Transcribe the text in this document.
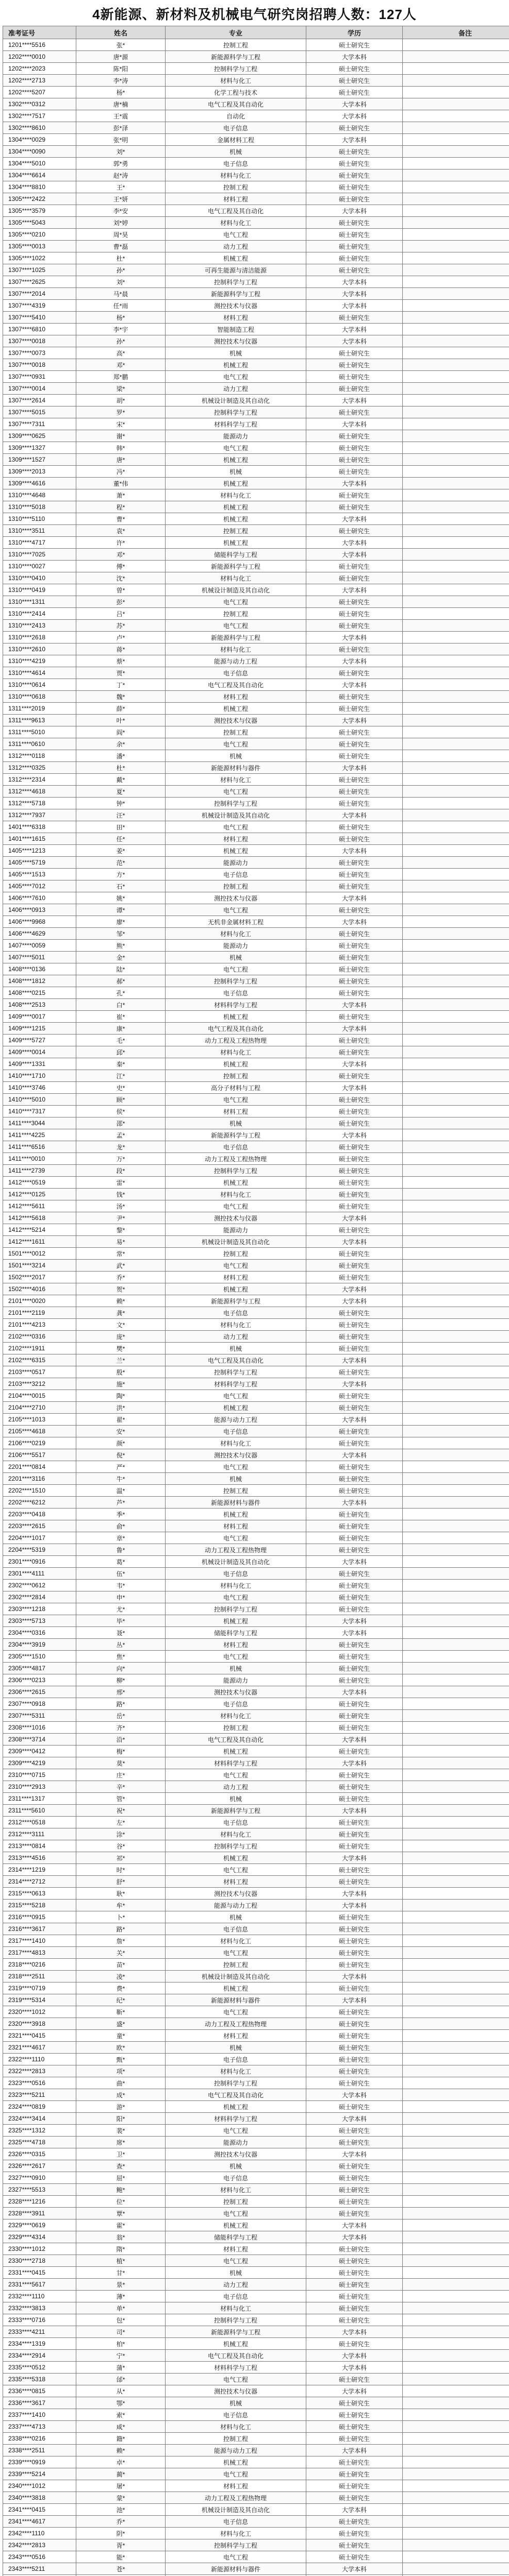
4新能源、新材料及机械电气研究岗招聘人数：127人
准考证号	姓名	专业	学历	备注
1201****5516	张*	控制工程	硕士研究生	
1202****0010	唐*源	新能源科学与工程	大学本科	
1202****2023	陈*阳	控制科学与工程	硕士研究生	
1202****2713	李*涛	材料与化工	硕士研究生	
1202****5207	杨*	化学工程与技术	硕士研究生	
1302****0312	唐*楠	电气工程及其自动化	大学本科	
1302****7517	王*震	自动化	大学本科	
1302****8610	彭*泽	电子信息	硕士研究生	
1304****0029	张*明	金属材料工程	大学本科	
1304****0090	刘*	机械	硕士研究生	
1304****5010	郭*勇	电子信息	硕士研究生	
1304****6614	赵*涛	材料与化工	硕士研究生	
1304****8810	王*	控制工程	硕士研究生	
1305****2422	王*妍	材料工程	硕士研究生	
1305****3579	李*安	电气工程及其自动化	大学本科	
1305****5043	刘*婷	材料与化工	硕士研究生	
1305****0210	周*昊	电气工程	硕士研究生	
1305****0013	曹*磊	动力工程	硕士研究生	
1305****1022	杜*	机械工程	硕士研究生	
1307****1025	孙*	可再生能源与清洁能源	硕士研究生	
1307****2625	刘*	控制科学与工程	大学本科	
1307****2014	马*晨	新能源科学与工程	大学本科	
1307****4319	任*雨	测控技术与仪器	大学本科	
1307****5410	杨*	材料工程	硕士研究生	
1307****6810	李*宇	智能制造工程	大学本科	
1307****0018	孙*	测控技术与仪器	大学本科	
1307****0073	高*	机械	硕士研究生	
1307****0018	邓*	机械工程	硕士研究生	
1307****0931	郑*鹏	电气工程	硕士研究生	
1307****0014	梁*	动力工程	硕士研究生	
1307****2614	胡*	机械设计制造及其自动化	大学本科	
1307****5015	罗*	控制科学与工程	硕士研究生	
1307****7311	宋*	材料科学与工程	大学本科	
1309****0625	谢*	能源动力	硕士研究生	
1309****1327	韩*	电气工程	硕士研究生	
1309****1527	唐*	机械工程	硕士研究生	
1309****2013	冯*	机械	硕士研究生	
1309****4616	董*伟	机械工程	大学本科	
1310****4648	萧*	材料与化工	硕士研究生	
1310****5018	程*	机械工程	硕士研究生	
1310****5110	曹*	机械工程	大学本科	
1310****3511	袁*	控制工程	硕士研究生	
1310****4717	许*	机械工程	大学本科	
1310****7025	邓*	储能科学与工程	大学本科	
1310****0027	傅*	新能源科学与工程	硕士研究生	
1310****0410	沈*	材料与化工	硕士研究生	
1310****0419	曾*	机械设计制造及其自动化	大学本科	
1310****1311	彭*	电气工程	硕士研究生	
1310****2414	吕*	控制工程	硕士研究生	
1310****2413	苏*	电气工程	硕士研究生	
1310****2618	卢*	新能源科学与工程	大学本科	
1310****2610	蒋*	材料与化工	硕士研究生	
1310****4219	蔡*	能源与动力工程	大学本科	
1310****4614	贾*	电子信息	硕士研究生	
1310****0614	丁*	电气工程及其自动化	大学本科	
1310****0618	魏*	材料工程	硕士研究生	
1311****2019	薛*	机械工程	硕士研究生	
1311****9613	叶*	测控技术与仪器	大学本科	
1311****5010	阎*	控制工程	硕士研究生	
1311****0610	余*	电气工程	硕士研究生	
1312****0118	潘*	机械	硕士研究生	
1312****0325	杜*	新能源材料与器件	大学本科	
1312****2314	戴*	材料与化工	硕士研究生	
1312****4618	夏*	电气工程	硕士研究生	
1312****5718	钟*	控制科学与工程	硕士研究生	
1312****7937	汪*	机械设计制造及其自动化	大学本科	
1401****6318	田*	电气工程	硕士研究生	
1401****1615	任*	材料工程	硕士研究生	
1405****1213	姜*	机械工程	大学本科	
1405****5719	范*	能源动力	硕士研究生	
1405****1513	方*	电子信息	硕士研究生	
1405****7012	石*	控制工程	硕士研究生	
1406****7610	姚*	测控技术与仪器	大学本科	
1406****0913	谭*	电气工程	硕士研究生	
1406****9968	廖*	无机非金属材料工程	大学本科	
1406****4629	邹*	材料与化工	硕士研究生	
1407****0059	熊*	能源动力	硕士研究生	
1407****5011	金*	机械	硕士研究生	
1408****0136	陆*	电气工程	硕士研究生	
1408****1812	郝*	控制科学与工程	硕士研究生	
1408****0215	孔*	电子信息	硕士研究生	
1408****2513	白*	材料科学与工程	大学本科	
1409****0017	崔*	机械工程	硕士研究生	
1409****1215	康*	电气工程及其自动化	大学本科	
1409****5727	毛*	动力工程及工程热物理	硕士研究生	
1409****0014	邱*	材料与化工	硕士研究生	
1409****1331	秦*	机械工程	大学本科	
1410****1710	江*	控制工程	硕士研究生	
1410****3746	史*	高分子材料与工程	大学本科	
1410****5010	顾*	电气工程	硕士研究生	
1410****7317	侯*	材料工程	硕士研究生	
1411****3044	邵*	机械	硕士研究生	
1411****4225	孟*	新能源科学与工程	大学本科	
1411****6516	龙*	电子信息	硕士研究生	
1411****0010	万*	动力工程及工程热物理	硕士研究生	
1411****2739	段*	控制科学与工程	硕士研究生	
1412****0519	雷*	机械工程	硕士研究生	
1412****0125	钱*	材料与化工	硕士研究生	
1412****5611	汤*	电气工程	硕士研究生	
1412****5618	尹*	测控技术与仪器	大学本科	
1412****5214	黎*	能源动力	硕士研究生	
1412****1611	易*	机械设计制造及其自动化	大学本科	
1501****0012	常*	控制工程	硕士研究生	
1501****3214	武*	电气工程	硕士研究生	
1502****2017	乔*	材料工程	硕士研究生	
1502****4016	贺*	机械工程	大学本科	
2101****0020	赖*	新能源科学与工程	大学本科	
2101****2119	龚*	电子信息	硕士研究生	
2101****4213	文*	材料与化工	硕士研究生	
2102****0316	庞*	动力工程	硕士研究生	
2102****1911	樊*	机械	硕士研究生	
2102****6315	兰*	电气工程及其自动化	大学本科	
2103****0517	殷*	控制科学与工程	硕士研究生	
2103****3212	施*	材料科学与工程	大学本科	
2104****0015	陶*	电气工程	硕士研究生	
2104****2710	洪*	机械工程	硕士研究生	
2105****1013	翟*	能源与动力工程	大学本科	
2105****4618	安*	电子信息	硕士研究生	
2106****0219	颜*	材料与化工	硕士研究生	
2106****5517	倪*	测控技术与仪器	大学本科	
2201****0814	严*	电气工程	硕士研究生	
2201****3116	牛*	机械	硕士研究生	
2202****1510	温*	控制工程	硕士研究生	
2202****6212	芦*	新能源材料与器件	大学本科	
2203****0418	季*	机械工程	硕士研究生	
2203****2615	俞*	材料工程	硕士研究生	
2204****1017	章*	电气工程	硕士研究生	
2204****5319	鲁*	动力工程及工程热物理	硕士研究生	
2301****0916	葛*	机械设计制造及其自动化	大学本科	
2301****4111	伍*	电子信息	硕士研究生	
2302****0612	韦*	材料与化工	硕士研究生	
2302****2814	申*	电气工程	硕士研究生	
2303****1218	尤*	控制科学与工程	硕士研究生	
2303****5713	毕*	机械工程	大学本科	
2304****0316	聂*	储能科学与工程	大学本科	
2304****3919	丛*	材料工程	硕士研究生	
2305****1510	焦*	电气工程	硕士研究生	
2305****4817	向*	机械	硕士研究生	
2306****0213	柳*	能源动力	硕士研究生	
2306****2615	邢*	测控技术与仪器	大学本科	
2307****0918	路*	电子信息	硕士研究生	
2307****5311	岳*	材料与化工	硕士研究生	
2308****1016	齐*	控制工程	硕士研究生	
2308****3714	沿*	电气工程及其自动化	大学本科	
2309****0412	梅*	机械工程	硕士研究生	
2309****4219	莫*	材料科学与工程	大学本科	
2310****0715	庄*	电气工程	硕士研究生	
2310****2913	辛*	动力工程	硕士研究生	
2311****1317	管*	机械	硕士研究生	
2311****5610	祝*	新能源科学与工程	大学本科	
2312****0518	左*	电子信息	硕士研究生	
2312****3111	涂*	材料与化工	硕士研究生	
2313****0814	谷*	控制科学与工程	硕士研究生	
2313****4516	祁*	机械工程	大学本科	
2314****1219	时*	电气工程	硕士研究生	
2314****2712	舒*	材料工程	硕士研究生	
2315****0613	耿*	测控技术与仪器	大学本科	
2315****5218	牟*	能源与动力工程	大学本科	
2316****0915	卜*	机械	硕士研究生	
2316****3617	路*	电子信息	硕士研究生	
2317****1410	詹*	材料与化工	硕士研究生	
2317****4813	关*	电气工程	硕士研究生	
2318****0216	苗*	控制工程	硕士研究生	
2318****2511	凌*	机械设计制造及其自动化	大学本科	
2319****0719	费*	机械工程	硕士研究生	
2319****5314	纪*	新能源材料与器件	大学本科	
2320****1012	靳*	电气工程	硕士研究生	
2320****3918	盛*	动力工程及工程热物理	硕士研究生	
2321****0415	童*	材料工程	硕士研究生	
2321****4617	欧*	机械	硕士研究生	
2322****1110	甄*	电子信息	硕士研究生	
2322****2813	项*	材料与化工	硕士研究生	
2323****0516	曲*	控制科学与工程	硕士研究生	
2323****5211	成*	电气工程及其自动化	大学本科	
2324****0819	游*	机械工程	硕士研究生	
2324****3414	阳*	材料科学与工程	大学本科	
2325****1312	裴*	电气工程	硕士研究生	
2325****4718	席*	能源动力	硕士研究生	
2326****0315	卫*	测控技术与仪器	大学本科	
2326****2617	查*	机械	硕士研究生	
2327****0910	屈*	电子信息	硕士研究生	
2327****5513	鲍*	材料与化工	硕士研究生	
2328****1216	位*	控制工程	硕士研究生	
2328****3911	覃*	电气工程	硕士研究生	
2329****0619	霍*	机械工程	大学本科	
2329****4314	翁*	储能科学与工程	大学本科	
2330****1012	隋*	材料工程	硕士研究生	
2330****2718	植*	电气工程	硕士研究生	
2331****0415	甘*	机械	硕士研究生	
2331****5617	景*	动力工程	硕士研究生	
2332****1110	薄*	电子信息	硕士研究生	
2332****3813	单*	材料与化工	硕士研究生	
2333****0716	包*	控制科学与工程	硕士研究生	
2333****4211	司*	新能源科学与工程	大学本科	
2334****1319	柏*	机械工程	硕士研究生	
2334****2914	宁*	电气工程及其自动化	大学本科	
2335****0512	蒲*	材料科学与工程	大学本科	
2335****5318	邰*	电气工程	硕士研究生	
2336****0815	从*	测控技术与仪器	大学本科	
2336****3617	鄂*	机械	硕士研究生	
2337****1410	索*	电子信息	硕士研究生	
2337****4713	咸*	材料与化工	硕士研究生	
2338****0216	籍*	控制工程	硕士研究生	
2338****2511	赖*	能源与动力工程	大学本科	
2339****0919	卓*	机械工程	硕士研究生	
2339****5214	蔺*	电气工程	硕士研究生	
2340****1012	屠*	材料工程	硕士研究生	
2340****3818	蒙*	动力工程及工程热物理	硕士研究生	
2341****0415	池*	机械设计制造及其自动化	大学本科	
2341****4617	乔*	电子信息	硕士研究生	
2342****1110	阴*	材料与化工	硕士研究生	
2342****2813	胥*	控制科学与工程	硕士研究生	
2343****0516	能*	电气工程	硕士研究生	
2343****5211	苍*	新能源材料与器件	大学本科	
